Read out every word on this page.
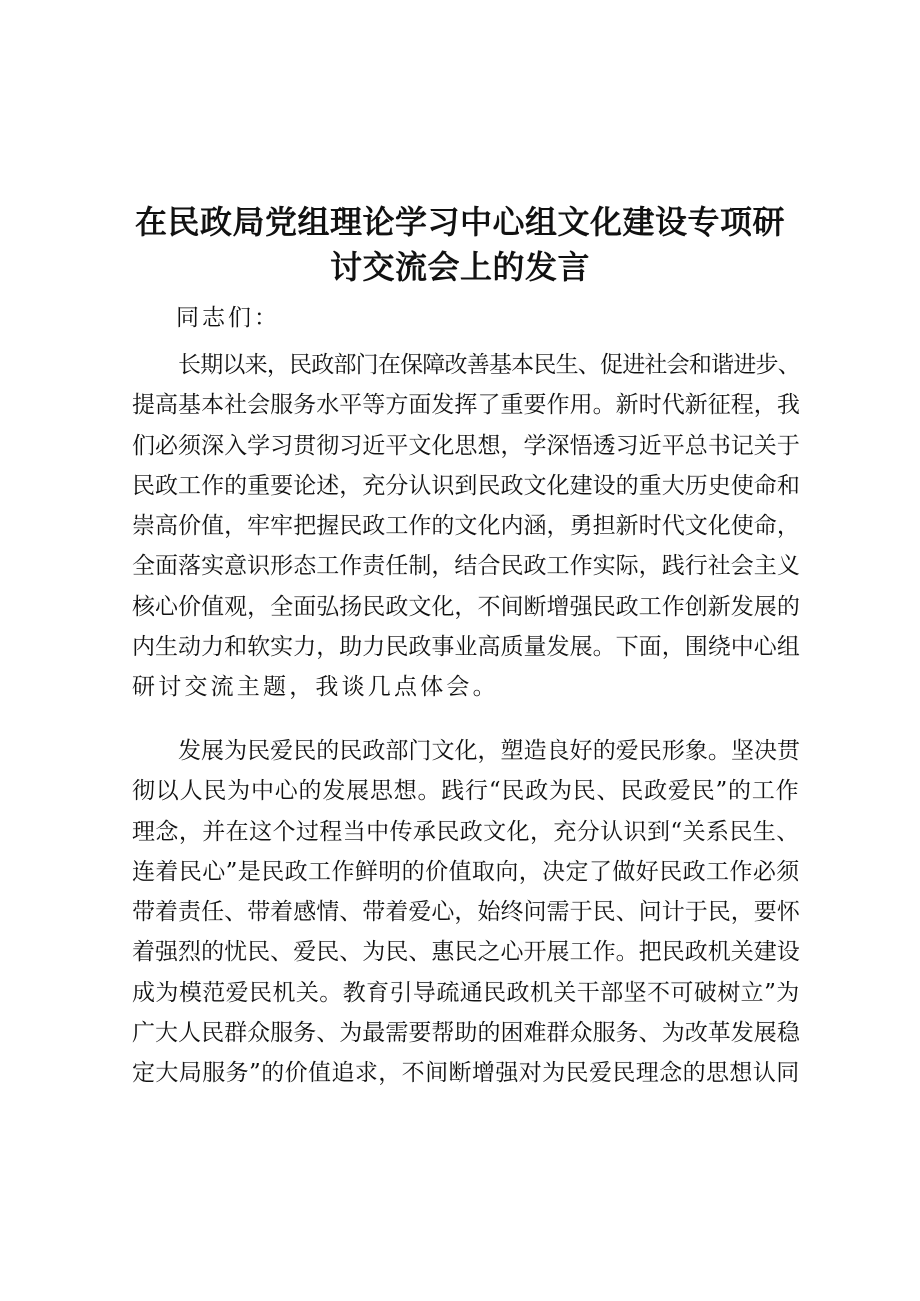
在民政局党组理论学习中心组文化建设专项研
讨交流会上的发言

同志们：

长期以来，民政部门在保障改善基本民生、促进社会和谐进步、
提高基本社会服务水平等方面发挥了重要作用。新时代新征程，我
们必须深入学习贯彻习近平文化思想，学深悟透习近平总书记关于
民政工作的重要论述，充分认识到民政文化建设的重大历史使命和
崇高价值，牢牢把握民政工作的文化内涵，勇担新时代文化使命，
全面落实意识形态工作责任制，结合民政工作实际，践行社会主义
核心价值观，全面弘扬民政文化，不间断增强民政工作创新发展的
内生动力和软实力，助力民政事业高质量发展。下面，围绕中心组
研讨交流主题，我谈几点体会。
发展为民爱民的民政部门文化，塑造良好的爱民形象。坚决贯
彻以人民为中心的发展思想。践行“民政为民、民政爱民”的工作
理念，并在这个过程当中传承民政文化，充分认识到“关系民生、
连着民心”是民政工作鲜明的价值取向，决定了做好民政工作必须
带着责任、带着感情、带着爱心，始终问需于民、问计于民，要怀
着强烈的忧民、爱民、为民、惠民之心开展工作。把民政机关建设
成为模范爱民机关。教育引导疏通民政机关干部坚不可破树立”为
广大人民群众服务、为最需要帮助的困难群众服务、为改革发展稳
定大局服务”的价值追求，不间断增强对为民爱民理念的思想认同
